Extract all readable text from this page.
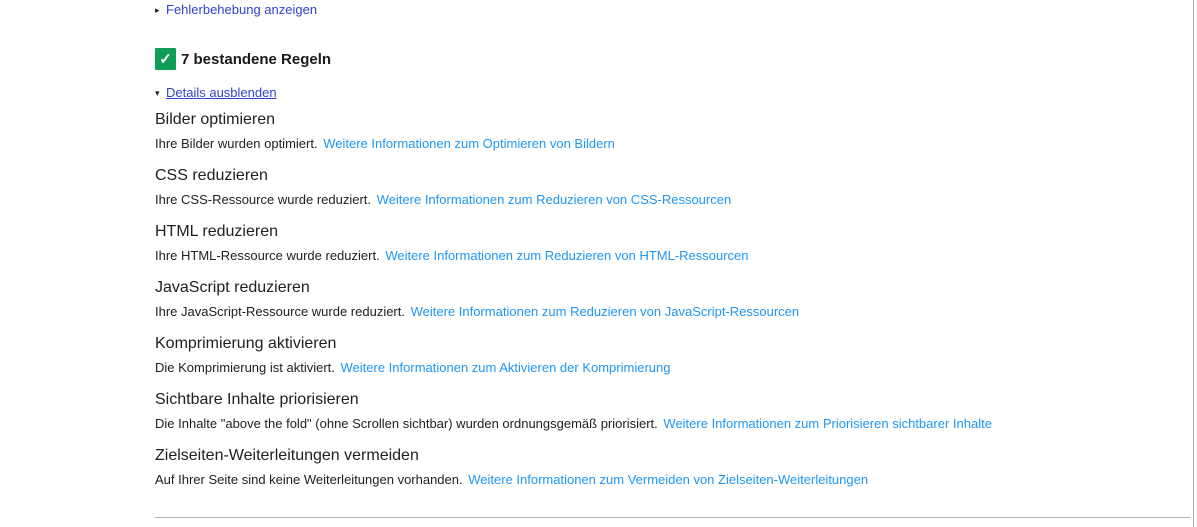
▸ Fehlerbehebung anzeigen
✓ 7 bestandene Regeln
▾ Details ausblenden
Bilder optimieren
Ihre Bilder wurden optimiert. Weitere Informationen zum Optimieren von Bildern
CSS reduzieren
Ihre CSS-Ressource wurde reduziert. Weitere Informationen zum Reduzieren von CSS-Ressourcen
HTML reduzieren
Ihre HTML-Ressource wurde reduziert. Weitere Informationen zum Reduzieren von HTML-Ressourcen
JavaScript reduzieren
Ihre JavaScript-Ressource wurde reduziert. Weitere Informationen zum Reduzieren von JavaScript-Ressourcen
Komprimierung aktivieren
Die Komprimierung ist aktiviert. Weitere Informationen zum Aktivieren der Komprimierung
Sichtbare Inhalte priorisieren
Die Inhalte "above the fold" (ohne Scrollen sichtbar) wurden ordnungsgemäß priorisiert. Weitere Informationen zum Priorisieren sichtbarer Inhalte
Zielseiten-Weiterleitungen vermeiden
Auf Ihrer Seite sind keine Weiterleitungen vorhanden. Weitere Informationen zum Vermeiden von Zielseiten-Weiterleitungen
